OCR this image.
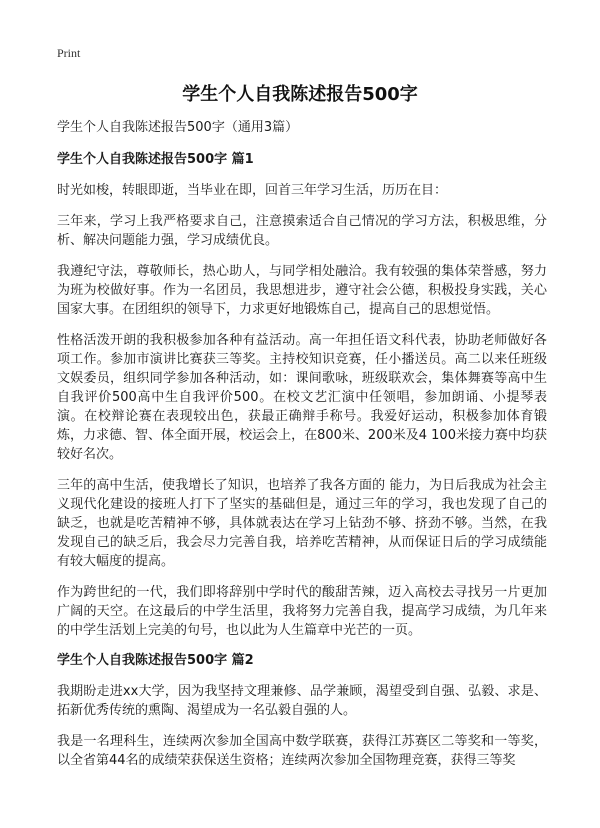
Print
学生个人自我陈述报告500字

学生个人自我陈述报告500字（通用3篇）

学生个人自我陈述报告500字 篇1

时光如梭，转眼即逝，当毕业在即，回首三年学习生活，历历在目：

三年来，学习上我严格要求自己，注意摸索适合自己情况的学习方法，积极思维，分析、解决问题能力强，学习成绩优良。

我遵纪守法，尊敬师长，热心助人，与同学相处融洽。我有较强的集体荣誉感，努力为班为校做好事。作为一名团员，我思想进步，遵守社会公德，积极投身实践，关心国家大事。在团组织的领导下，力求更好地锻炼自己，提高自己的思想觉悟。

性格活泼开朗的我积极参加各种有益活动。高一年担任语文科代表，协助老师做好各项工作。参加市演讲比赛获三等奖。主持校知识竞赛，任小播送员。高二以来任班级文娱委员，组织同学参加各种活动，如：课间歌咏，班级联欢会，集体舞赛等高中生自我评价500高中生自我评价500。在校文艺汇演中任领唱，参加朗诵、小提琴表演。在校辩论赛在表现较出色，获最正确辩手称号。我爱好运动，积极参加体育锻炼，力求德、智、体全面开展，校运会上，在800米、200米及4 100米接力赛中均获较好名次。

三年的高中生活，使我增长了知识，也培养了我各方面的 能力，为日后我成为社会主义现代化建设的接班人打下了坚实的基础但是，通过三年的学习，我也发现了自己的缺乏，也就是吃苦精神不够，具体就表达在学习上钻劲不够、挤劲不够。当然，在我发现自己的缺乏后，我会尽力完善自我，培养吃苦精神，从而保证日后的学习成绩能有较大幅度的提高。

作为跨世纪的一代，我们即将辞别中学时代的酸甜苦辣，迈入高校去寻找另一片更加广阔的天空。在这最后的中学生活里，我将努力完善自我，提高学习成绩，为几年来的中学生活划上完美的句号，也以此为人生篇章中光芒的一页。

学生个人自我陈述报告500字 篇2

我期盼走进xx大学，因为我坚持文理兼修、品学兼顾，渴望受到自强、弘毅、求是、拓新优秀传统的熏陶、渴望成为一名弘毅自强的人。

我是一名理科生，连续两次参加全国高中数学联赛，获得江苏赛区二等奖和一等奖，以全省第44名的成绩荣获保送生资格；连续两次参加全国物理竞赛，获得三等奖
